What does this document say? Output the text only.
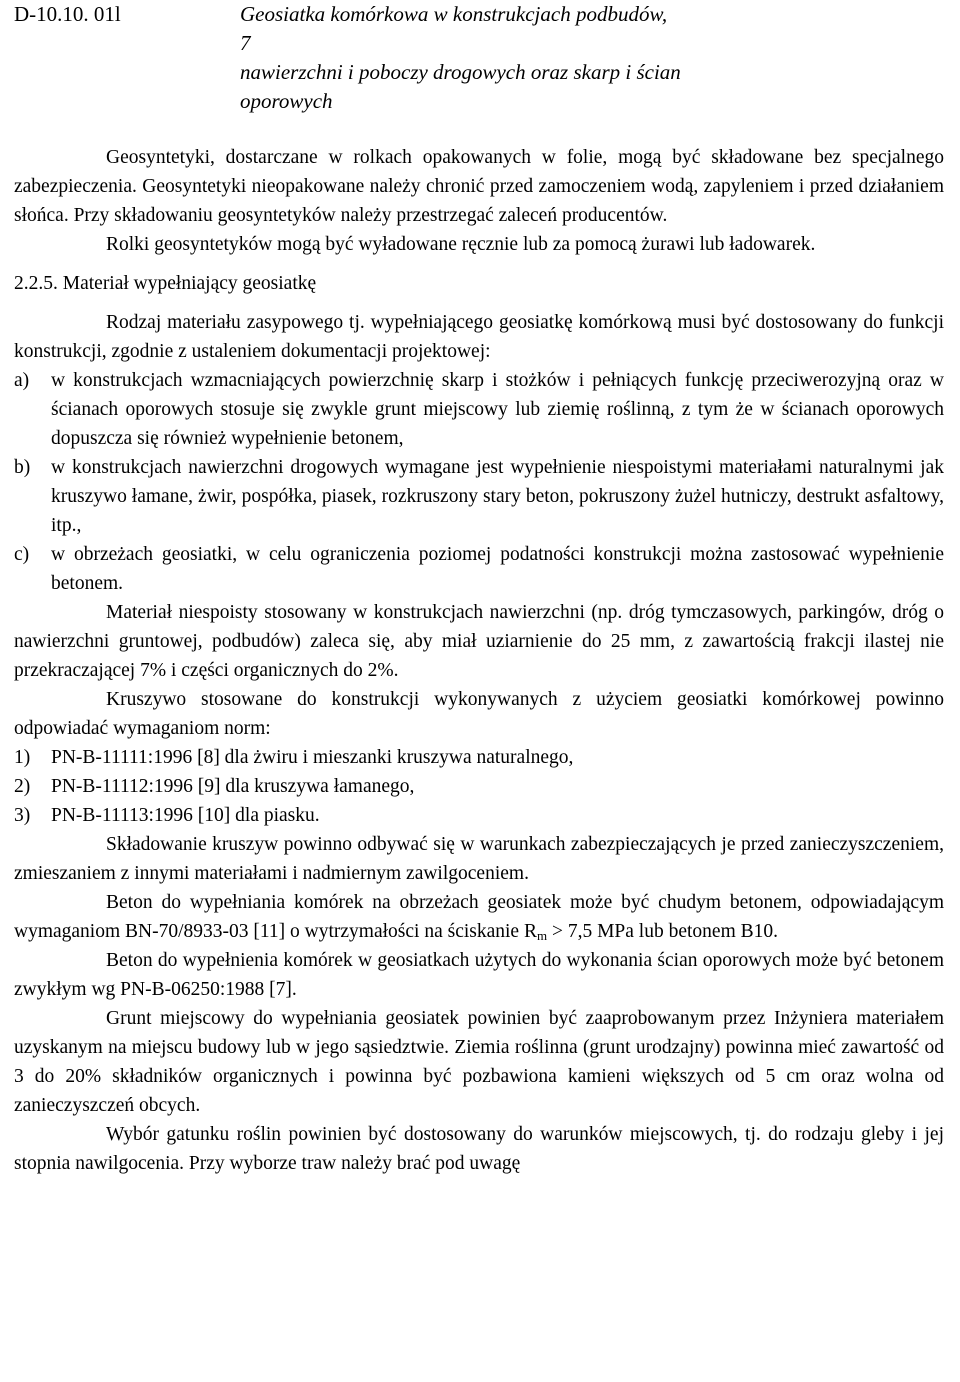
D-10.10. 01l	Geosiatka komórkowa w konstrukcjach podbudów,
7
nawierzchni i poboczy drogowych oraz skarp i ścian
oporowych

Geosyntetyki, dostarczane w rolkach opakowanych w folie, mogą być składowane bez specjalnego zabezpieczenia. Geosyntetyki nieopakowane należy chronić przed zamoczeniem wodą, zapyleniem i przed działaniem słońca. Przy składowaniu geosyntetyków należy przestrzegać zaleceń producentów.

Rolki geosyntetyków mogą być wyładowane ręcznie lub za pomocą żurawi lub ładowarek.

2.2.5. Materiał wypełniający geosiatkę

Rodzaj materiału zasypowego tj. wypełniającego geosiatkę komórkową musi być dostosowany do funkcji konstrukcji, zgodnie z ustaleniem dokumentacji projektowej:

a) w konstrukcjach wzmacniających powierzchnię skarp i stożków i pełniących funkcję przeciwerozyjną oraz w ścianach oporowych stosuje się zwykle grunt miejscowy lub ziemię roślinną, z tym że w ścianach oporowych dopuszcza się również wypełnienie betonem,
b) w konstrukcjach nawierzchni drogowych wymagane jest wypełnienie niespoistymi materiałami naturalnymi jak kruszywo łamane, żwir, pospółka, piasek, rozkruszony stary beton, pokruszony żużel hutniczy, destrukt asfaltowy, itp.,
c) w obrzeżach geosiatki, w celu ograniczenia poziomej podatności konstrukcji można zastosować wypełnienie betonem.

Materiał niespoisty stosowany w konstrukcjach nawierzchni (np. dróg tymczasowych, parkingów, dróg o nawierzchni gruntowej, podbudów) zaleca się, aby miał uziarnienie do 25 mm, z zawartością frakcji ilastej nie przekraczającej 7% i części organicznych do 2%.

Kruszywo stosowane do konstrukcji wykonywanych z użyciem geosiatki komórkowej powinno odpowiadać wymaganiom norm:

1) PN-B-11111:1996 [8] dla żwiru i mieszanki kruszywa naturalnego,
2) PN-B-11112:1996 [9] dla kruszywa łamanego,
3) PN-B-11113:1996 [10] dla piasku.

Składowanie kruszyw powinno odbywać się w warunkach zabezpieczających je przed zanieczyszczeniem, zmieszaniem z innymi materiałami i nadmiernym zawilgoceniem.

Beton do wypełniania komórek na obrzeżach geosiatek może być chudym betonem, odpowiadającym wymaganiom BN-70/8933-03 [11] o wytrzymałości na ściskanie $R_m > 7,5$ MPa lub betonem B10.

Beton do wypełnienia komórek w geosiatkach użytych do wykonania ścian oporowych może być betonem zwykłym wg PN-B-06250:1988 [7].

Grunt miejscowy do wypełniania geosiatek powinien być zaaprobowanym przez Inżyniera materiałem uzyskanym na miejscu budowy lub w jego sąsiedztwie. Ziemia roślinna (grunt urodzajny) powinna mieć zawartość od 3 do 20% składników organicznych i powinna być pozbawiona kamieni większych od 5 cm oraz wolna od zanieczyszczeń obcych.

Wybór gatunku roślin powinien być dostosowany do warunków miejscowych, tj. do rodzaju gleby i jej stopnia nawilgocenia. Przy wyborze traw należy brać pod uwagę
